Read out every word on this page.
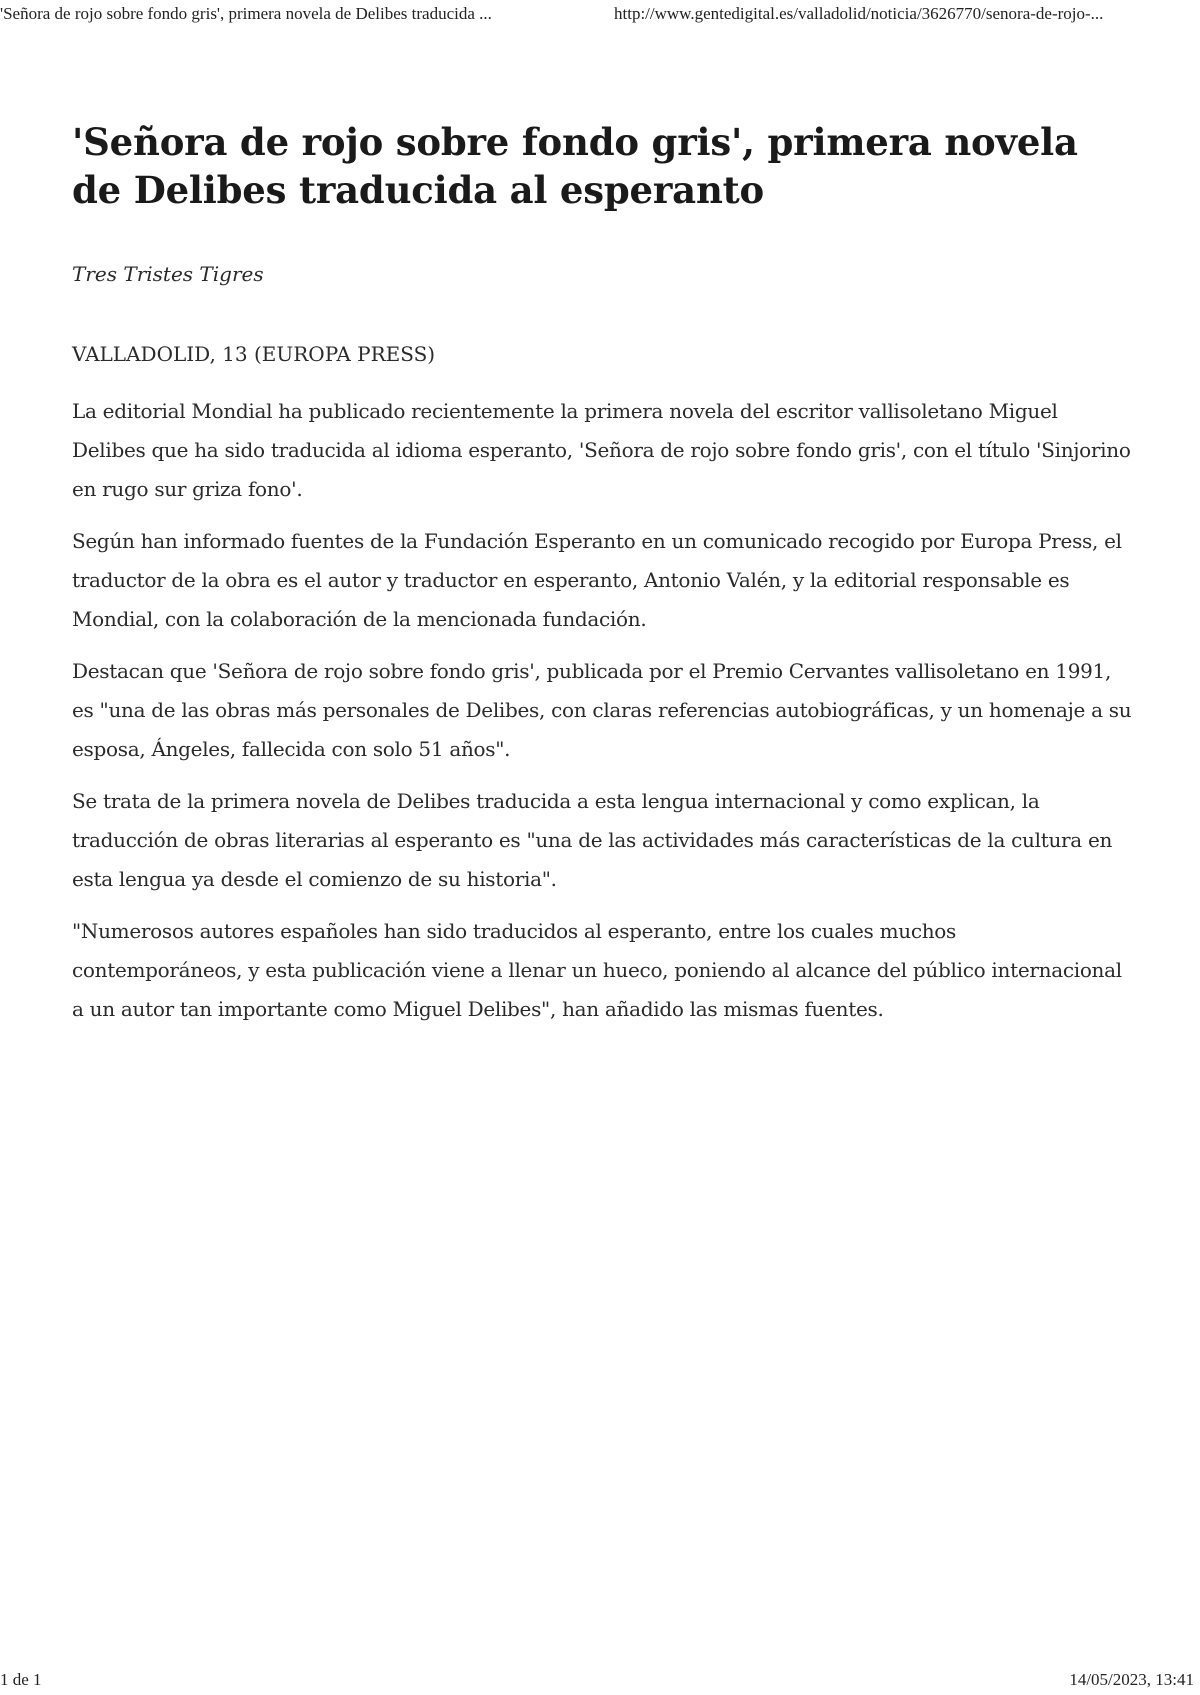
'Señora de rojo sobre fondo gris', primera novela de Delibes traducida ...	http://www.gentedigital.es/valladolid/noticia/3626770/senora-de-rojo-...
'Señora de rojo sobre fondo gris', primera novela de Delibes traducida al esperanto

Tres Tristes Tigres

VALLADOLID, 13 (EUROPA PRESS)

La editorial Mondial ha publicado recientemente la primera novela del escritor vallisoletano Miguel Delibes que ha sido traducida al idioma esperanto, 'Señora de rojo sobre fondo gris', con el título 'Sinjorino en rugo sur griza fono'.

Según han informado fuentes de la Fundación Esperanto en un comunicado recogido por Europa Press, el traductor de la obra es el autor y traductor en esperanto, Antonio Valén, y la editorial responsable es Mondial, con la colaboración de la mencionada fundación.

Destacan que 'Señora de rojo sobre fondo gris', publicada por el Premio Cervantes vallisoletano en 1991, es "una de las obras más personales de Delibes, con claras referencias autobiográficas, y un homenaje a su esposa, Ángeles, fallecida con solo 51 años".

Se trata de la primera novela de Delibes traducida a esta lengua internacional y como explican, la traducción de obras literarias al esperanto es "una de las actividades más características de la cultura en esta lengua ya desde el comienzo de su historia".

"Numerosos autores españoles han sido traducidos al esperanto, entre los cuales muchos contemporáneos, y esta publicación viene a llenar un hueco, poniendo al alcance del público internacional a un autor tan importante como Miguel Delibes", han añadido las mismas fuentes.

1 de 1	14/05/2023, 13:41
